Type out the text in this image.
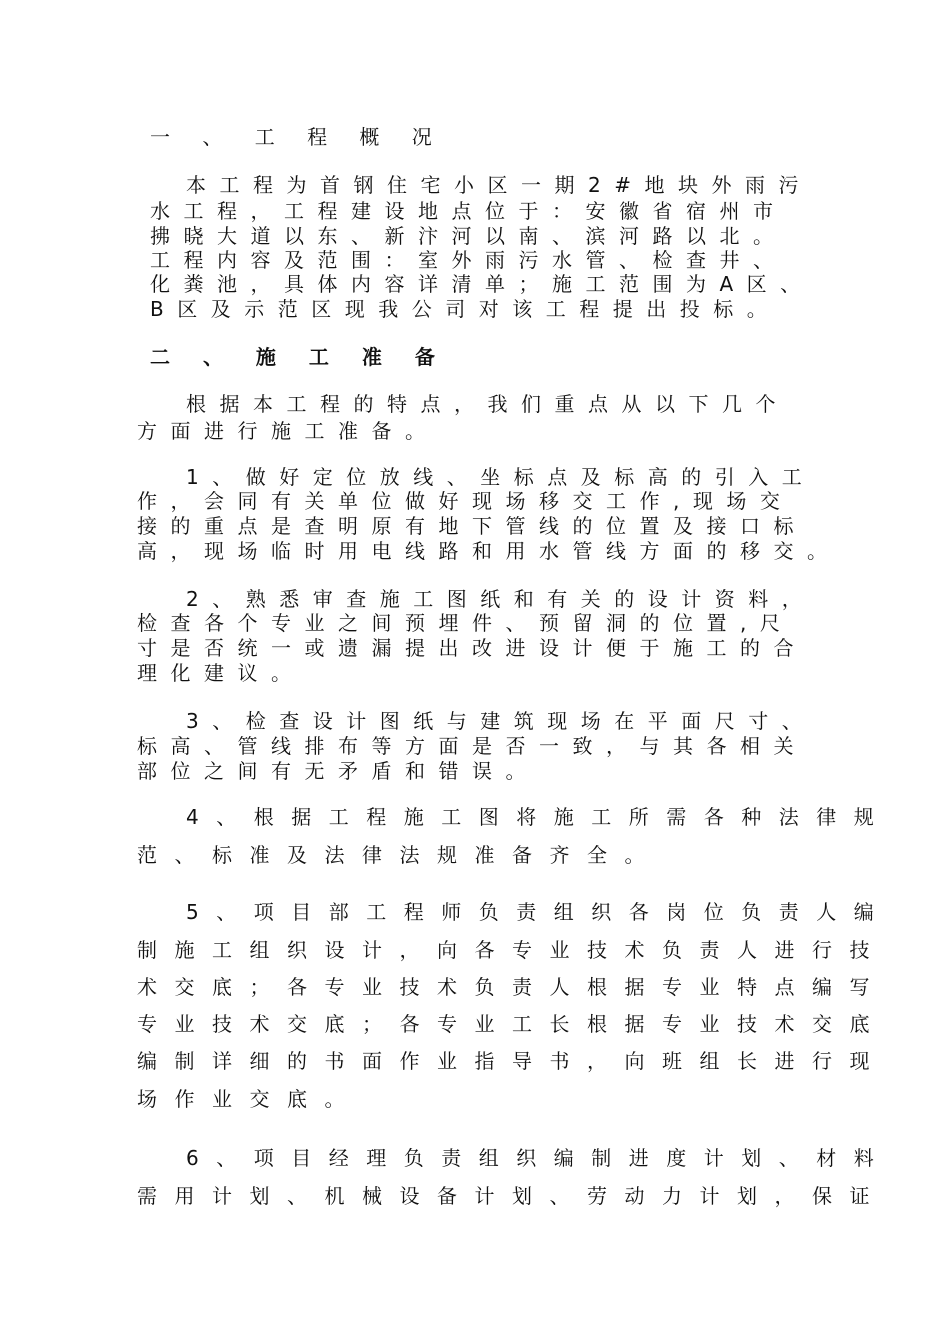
一 、 工 程 概 况
本工程为首钢住宅小区一期2#地块外雨污
水工程，工程建设地点位于：安徽省宿州市
拂晓大道以东、新汴河以南、滨河路以北。
工程内容及范围：室外雨污水管、检查井、
化粪池，具体内容详清单；施工范围为A区、
B区及示范区现我公司对该工程提出投标。
二 、 施 工 准 备
根据本工程的特点，我们重点从以下几个
方面进行施工准备。
1、做好定位放线、坐标点及标高的引入工
作，会同有关单位做好现场移交工作,现场交
接的重点是查明原有地下管线的位置及接口标
高，现场临时用电线路和用水管线方面的移交。
2、熟悉审查施工图纸和有关的设计资料，
检查各个专业之间预埋件、预留洞的位置,尺
寸是否统一或遗漏提出改进设计便于施工的合
理化建议。
3、检查设计图纸与建筑现场在平面尺寸、
标高、管线排布等方面是否一致，与其各相关
部位之间有无矛盾和错误。
4、根据工程施工图将施工所需各种法律规
范、标准及法律法规准备齐全。
5、项目部工程师负责组织各岗位负责人编
制施工组织设计，向各专业技术负责人进行技
术交底；各专业技术负责人根据专业特点编写
专业技术交底；各专业工长根据专业技术交底
编制详细的书面作业指导书，向班组长进行现
场作业交底。
6、项目经理负责组织编制进度计划、材料
需用计划、机械设备计划、劳动力计划，保证
